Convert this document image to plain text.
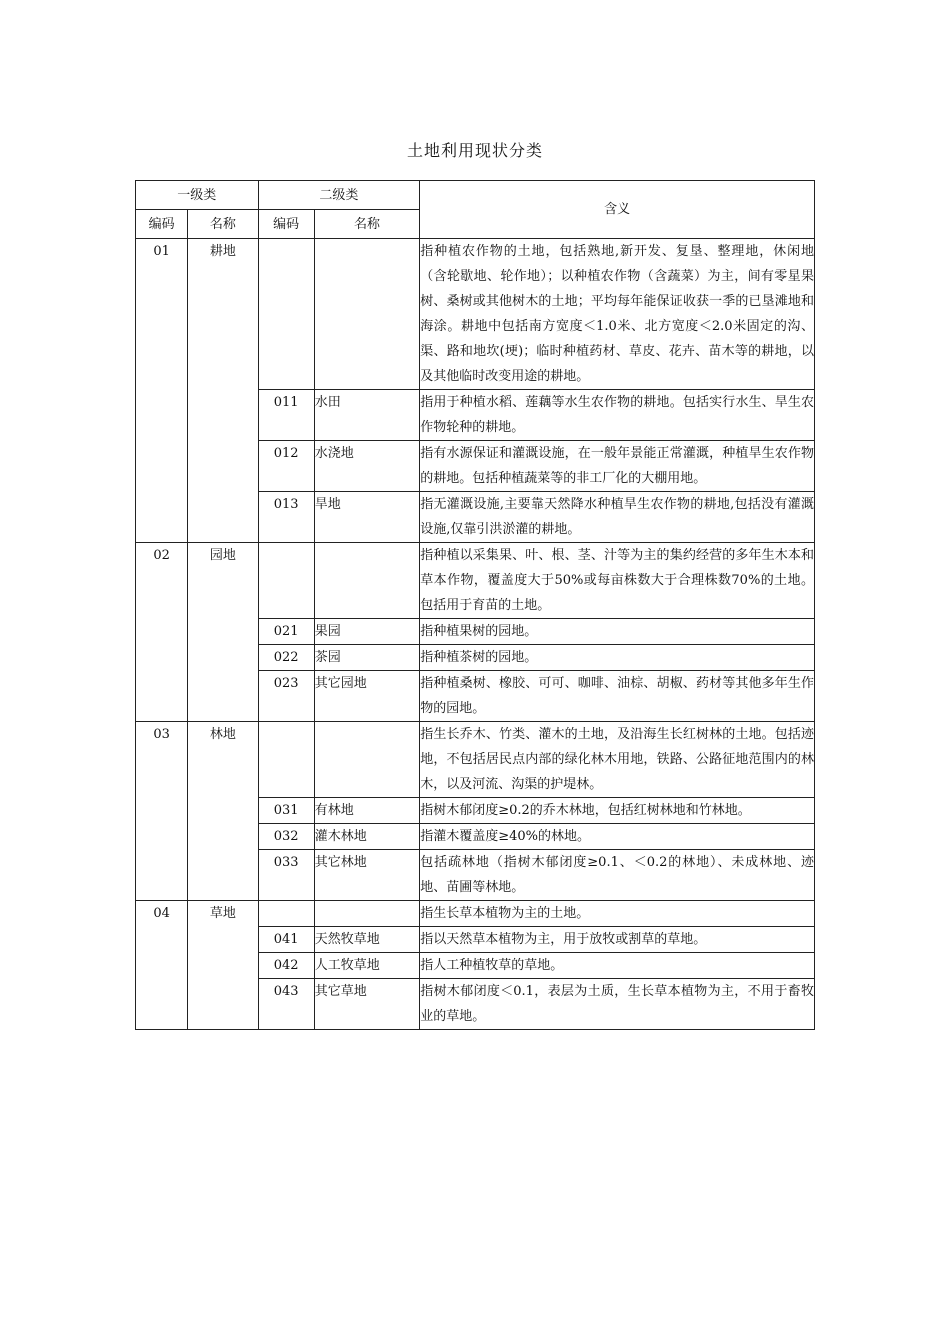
土地利用现状分类
一级类		二级类		含义
编码	名称	编码	名称	
01	耕地			指种植农作物的土地，包括熟地,新开发、复垦、整理地，休闲地（含轮歇地、轮作地）；以种植农作物（含蔬菜）为主，间有零星果树、桑树或其他树木的土地；平均每年能保证收获一季的已垦滩地和海涂。耕地中包括南方宽度＜1.0米、北方宽度＜2.0米固定的沟、渠、路和地坎(埂)；临时种植药材、草皮、花卉、苗木等的耕地，以及其他临时改变用途的耕地。
		011	水田	指用于种植水稻、莲藕等水生农作物的耕地。包括实行水生、旱生农作物轮种的耕地。
		012	水浇地	指有水源保证和灌溉设施，在一般年景能正常灌溉，种植旱生农作物的耕地。包括种植蔬菜等的非工厂化的大棚用地。
		013	旱地	指无灌溉设施,主要靠天然降水种植旱生农作物的耕地,包括没有灌溉设施,仅靠引洪淤灌的耕地。
02	园地			指种植以采集果、叶、根、茎、汁等为主的集约经营的多年生木本和草本作物，覆盖度大于50%或每亩株数大于合理株数70%的土地。包括用于育苗的土地。
		021	果园	指种植果树的园地。
		022	茶园	指种植茶树的园地。
		023	其它园地	指种植桑树、橡胶、可可、咖啡、油棕、胡椒、药材等其他多年生作物的园地。
03	林地			指生长乔木、竹类、灌木的土地，及沿海生长红树林的土地。包括迹地，不包括居民点内部的绿化林木用地，铁路、公路征地范围内的林木，以及河流、沟渠的护堤林。
		031	有林地	指树木郁闭度≥0.2的乔木林地，包括红树林地和竹林地。
		032	灌木林地	指灌木覆盖度≥40%的林地。
		033	其它林地	包括疏林地（指树木郁闭度≥0.1、＜0.2的林地）、未成林地、迹地、苗圃等林地。
04	草地			指生长草本植物为主的土地。
		041	天然牧草地	指以天然草本植物为主，用于放牧或割草的草地。
		042	人工牧草地	指人工种植牧草的草地。
		043	其它草地	指树木郁闭度＜0.1，表层为土质，生长草本植物为主，不用于畜牧业的草地。
